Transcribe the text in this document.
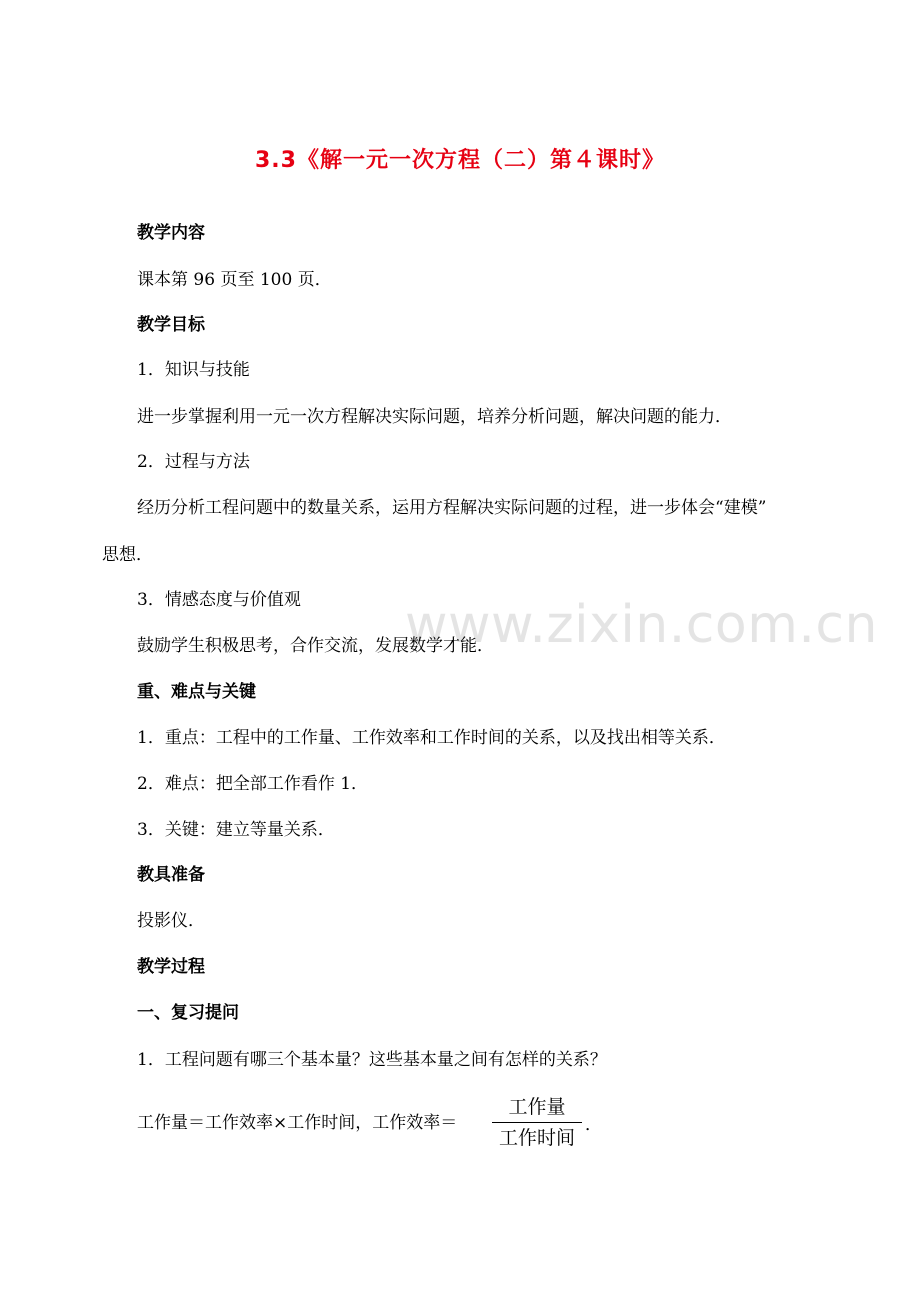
3.3《解一元一次方程（二）第４课时》
教学内容
课本第 96 页至 100 页．
教学目标
1．知识与技能
进一步掌握利用一元一次方程解决实际问题，培养分析问题，解决问题的能力．
2．过程与方法
经历分析工程问题中的数量关系，运用方程解决实际问题的过程，进一步体会“建模”
思想．
3．情感态度与价值观 www.zixin.com.cn
鼓励学生积极思考，合作交流，发展数学才能．
重、难点与关键
1．重点：工程中的工作量、工作效率和工作时间的关系，以及找出相等关系．
2．难点：把全部工作看作 1．
3．关键：建立等量关系．
教具准备
投影仪．
教学过程
一、复习提问
1．工程问题有哪三个基本量？这些基本量之间有怎样的关系？
工作量＝工作效率×工作时间，工作效率＝
工作量
工作时间
．
